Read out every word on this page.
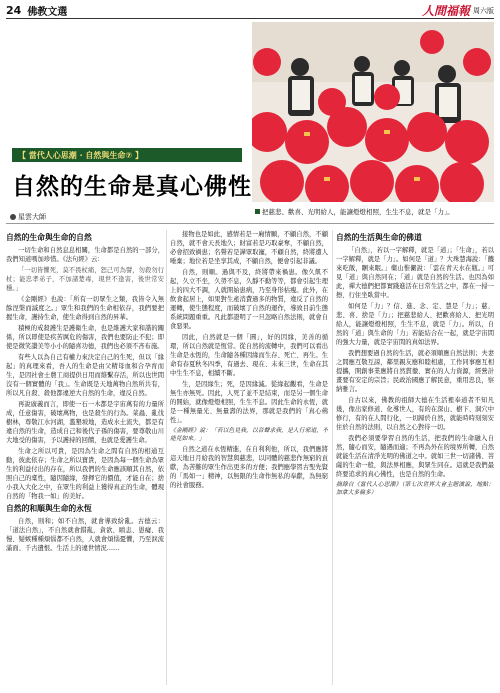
24 佛教文選	人間福報 周六版
【 當代人心思潮 · 自然與生命⑦ 】
自然的生命是真心佛性
星雲大師
把慈悲、歡喜、光明給人，能讓燈燈相照，生生不息，就是「力」。
自然的生命與生命的自然

一切生命和自然息息相關，生命都是自然的一部分，我們知道嗎加珍惜。《法句經》云：

「一切皆懼死，莫不畏杖痛，恕己可為譬，勿殺勿行杖；能忠孝弟子，不加諸楚毒，現世不逢害，後世常安穩。」

《金剛經》也說：「所有一切眾生之類，我皆令入無餘涅槃而滅度之。」眾生和我們的生命相依存，我們要把握生命，護持生命，使生命得到自然的昇華。

積極的戒殺護生是護衛生命，也是維護大家和諧的關係，所以即使是疾苦厲危的傷害，我們也要防止不犯；即使是微笑讚美等小小的隨喜功德，我們也必須不吝布施。

有些人以為自己有權力來決定自己的生死，但以「緣起」的真理來看，吾人的生命是由父精母血和合孕育而生，是因社會士農工商提供日用而維繫存活，所以也世間沒有一個實體的「我」。生命既是天地萬物自然所共有，所以凡自殺、殺他都違逆大自然的生命，違反自然。

再說廣義而言，即使一石一木都是宇宙萬有的力量所成，任意傷害，破壞萬物，也是殺生的行為。菜蟲、亂伐樹林，尊敬江水河湖，濫墾坡地，造成水土流失，都是有違自然的生命，造成自己和後代子孫的傷害，要尊敬山川大地受的傷害，予以護持的回饋，也就是愛護生命。

生命之所以可貴，是因為生命之間有自然的相通互動，彼此依存；生命之所以寶貴，是因為每一個生命為眾生的利益付出的存在，所以我們的生命應該順其自然，依照自己的稟性，隨因隨緣，發揮它的價值，才能自在；捨小我入大化之中，在眾生的利益上獲得真正的生命，體現自然的「物我一如」的美好。

自然的和順與生命的永恆

自然，則和；如不自然，就會導致紛亂。古德云：「道法自然」，不自然就會錯亂，貪欲、瞋恚、愚癡、我慢、疑嫉種種煩惱都不自然，人就會煩惱憂懼，乃至淚流滿面、千古遺恨。生活上的違世情況……

接物也是如此，感情若是一廂情願，不顧自然，不顧自然，就不會天長地久；財富若是巧取豪奪，不顧自然，必會招致禍患；名聲若是譁眾取寵，不顧自然，終將遭人唾棄；地位若是坐享其成，不顧自然，便會引起非議。

自然，則順。過與不及，終將帶來禍患。像久飢不起，久立不坐，久勞不息，久靜不動等等，都會引起生理上的四大不調，人就開始患病，乃至身形枯瘦。此外，在飲食起居上，如果對生產消費過多的物質，違反了自然的運轉，使生態程度，而破壞了自然的運作，導致目前生態系統問題重重。凡此都證明了一旦忽略自然法則，就會自食惡果。

因此，自然就是一個「圓」，好的因緣，美善的循環，所以自然就是恆常。從自然的流轉中，我們可以看出生命是永恆的，生命隨各種因緣而生存、死亡、再生。生命有春夏秋冬四季，有過去、現在、未來三世，生命在其中生生不息，相續不斷。

生，是因緣生；死，是因緣滅。從緣起觀看，生命是無生亦無死。因此，人死了並不是結束，而是另一個生命的開始，就像燈燈相照，生生不息。因此生命的永恆，就是一種無量光、無量壽的法界，那就是我們的「真心佛性」。

《金剛經》說：「若以色見我，以音聲求我，是人行邪道，不能見如來。」

自然之道在永恆精進，在自利利他，所以，我們應將這天地日月給我的智慧與慈悲，以同體的慈悲作無窮的貢獻，為苦難的眾生作出更多的方便；我們應學習古聖先賢的「馬如一」精神，以無限的生命作無私的奉獻，為無窮的社會服務。

自然的生活與生命的佛道

「自然」，若以一字解釋，就是「道」；「生命」，若以一字解釋，就是「力」。如何是「道」？大珠慧海說：「饑來吃飯，睏來眠。」藥山惟儼說：「雲在青天水在瓶。」可見「道」與自然同在；「道」就是自然的生活。也因為如此，禪大德們把都實踐進活在日常生活之中，都在一掃一擦、行住坐臥當中。

如何是「力」？信、進、念、定、慧是「力」；慈、悲、喜、捨是「力」；把慈悲給人、把歡喜給人、把光明給人，能讓燈燈相照，生生不息，就是「力」。所以，自然的「道」與生命的「力」若能結合在一起，就是宇宙間的強大力量，就是宇宙間的真如法界。

我們想要過自然的生活，就必須順應自然法則；夫妻之間應互敬互諒，鄰里親友應和睦相處，工作同事應互相提攜，開創事業應將自然貫徹、實在的人力資源，經營計畫要有安定的宗旨；民政治國應了解民意，重用忠良，察納雅言。

自古以來，佛教的祖師大德在生活裡奉道者不知凡幾，像出家修道、化導世人，有的在深山、樹下、洞穴中修行，有的在人間行化，一切歸於自然，就能時時刻刻安住於自然的法則，以自然之心對待一切。

我們必須要學習自然的生活，把我們的生命融入自然，隨心而安，隨遇而適；不再為外在的境界所轉，自然就能生活在清淨光明的佛道之中。就如三世一切諸佛、菩薩的生命一般，與法界相應，與眾生同在。這就是我們最終要追求的真心佛性，也是自然的生命。

摘錄自《當代人心思潮》（第七次世界大會主題演說，地點：加拿大多倫多）
